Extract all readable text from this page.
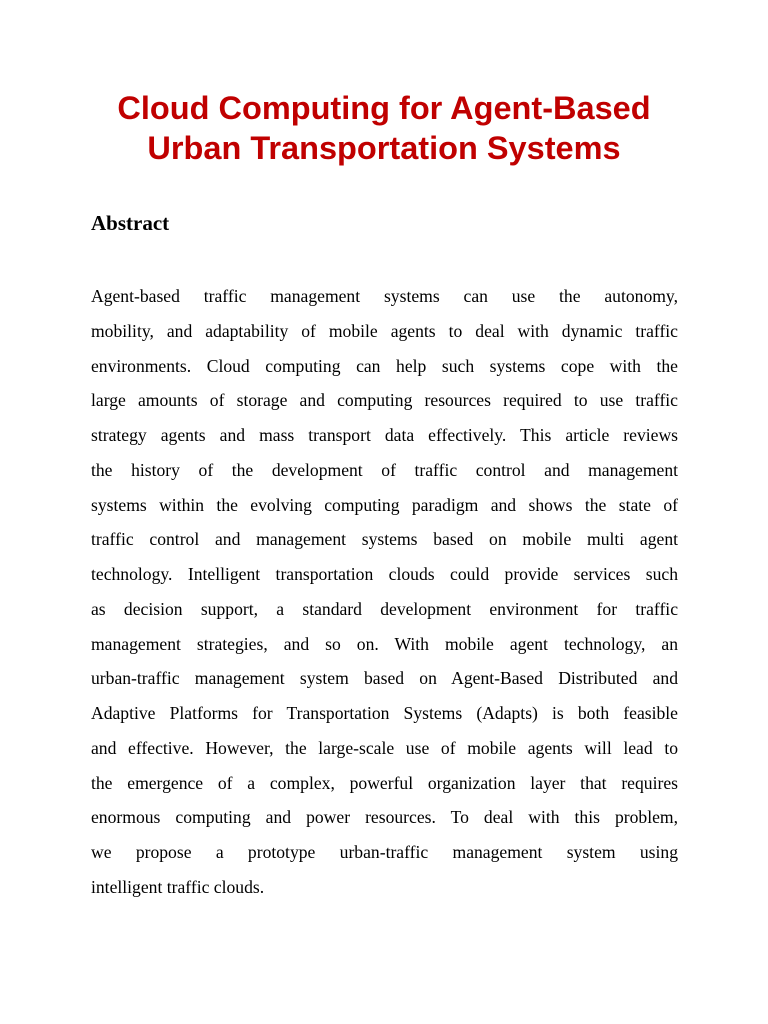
Cloud Computing for Agent-Based
Urban Transportation Systems
Abstract
Agent-based traffic management systems can use the autonomy,
mobility, and adaptability of mobile agents to deal with dynamic traffic
environments. Cloud computing can help such systems cope with the
large amounts of storage and computing resources required to use traffic
strategy agents and mass transport data effectively. This article reviews
the history of the development of traffic control and management
systems within the evolving computing paradigm and shows the state of
traffic control and management systems based on mobile multi agent
technology. Intelligent transportation clouds could provide services such
as decision support, a standard development environment for traffic
management strategies, and so on. With mobile agent technology, an
urban-traffic management system based on Agent-Based Distributed and
Adaptive Platforms for Transportation Systems (Adapts) is both feasible
and effective. However, the large-scale use of mobile agents will lead to
the emergence of a complex, powerful organization layer that requires
enormous computing and power resources. To deal with this problem,
we propose a prototype urban-traffic management system using
intelligent traffic clouds.
